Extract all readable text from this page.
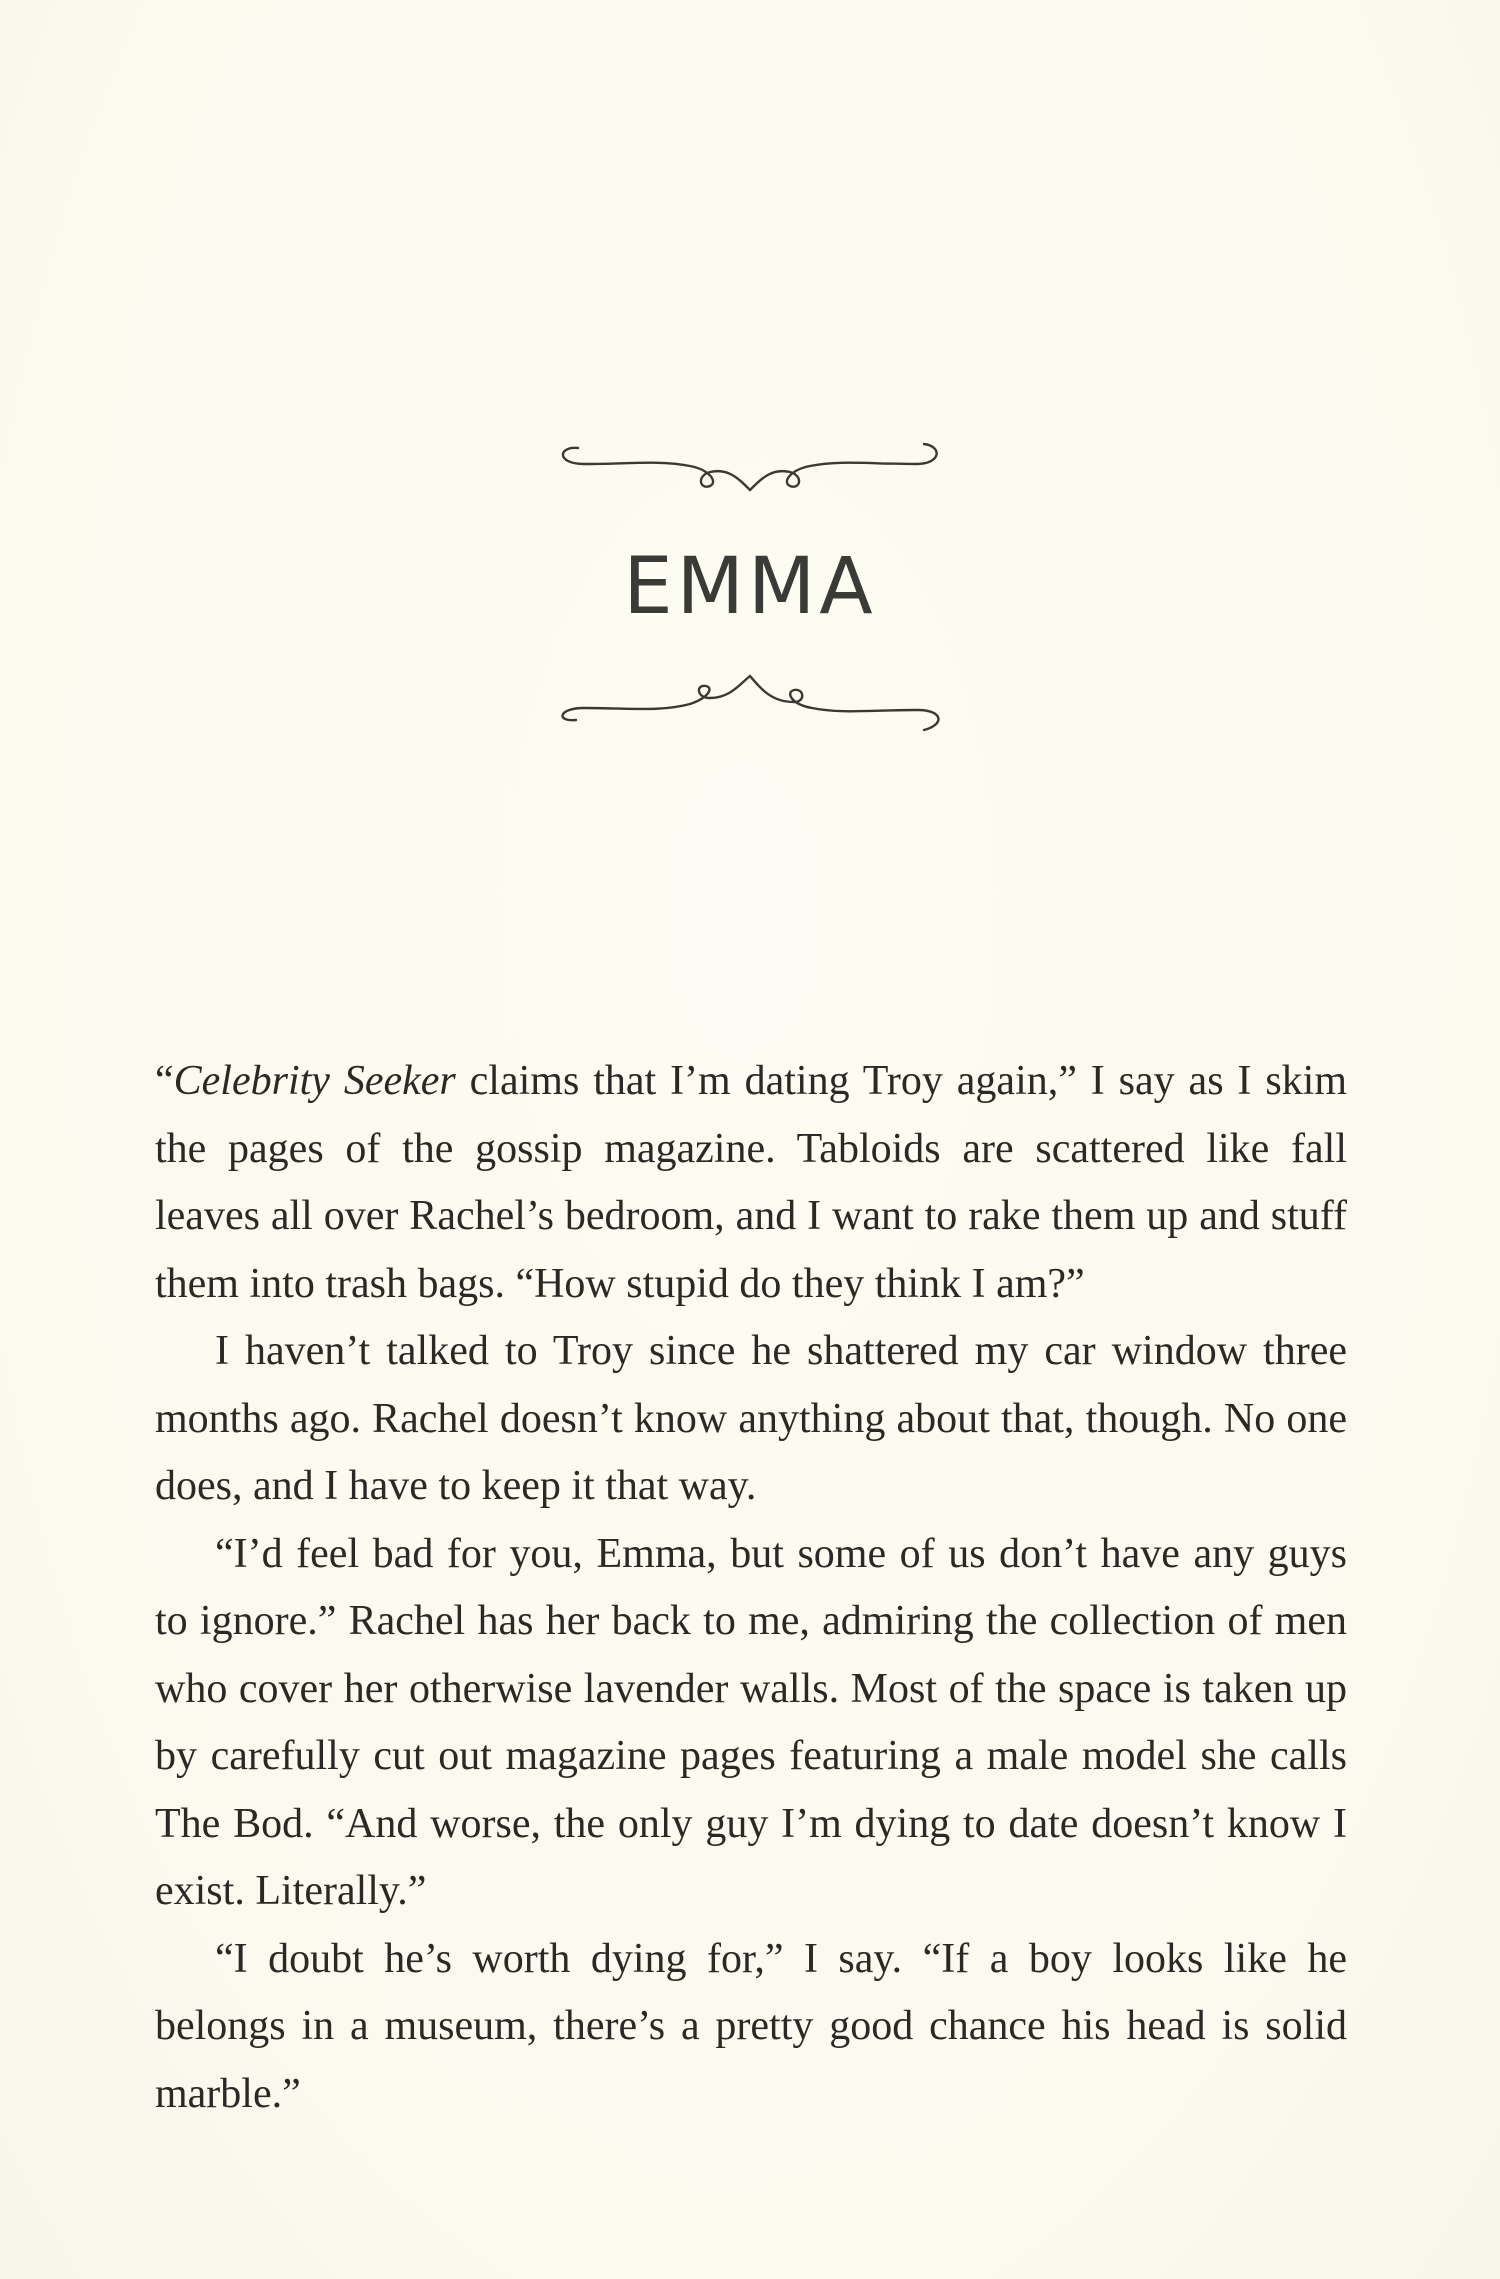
EMMA

“Celebrity Seeker claims that I’m dating Troy again,” I say as I skim the pages of the gossip magazine. Tabloids are scattered like fall leaves all over Rachel’s bedroom, and I want to rake them up and stuff them into trash bags. “How stupid do they think I am?”

I haven’t talked to Troy since he shattered my car window three months ago. Rachel doesn’t know anything about that, though. No one does, and I have to keep it that way.

“I’d feel bad for you, Emma, but some of us don’t have any guys to ignore.” Rachel has her back to me, admiring the collection of men who cover her otherwise lavender walls. Most of the space is taken up by carefully cut out magazine pages featuring a male model she calls The Bod. “And worse, the only guy I’m dying to date doesn’t know I exist. Literally.”

“I doubt he’s worth dying for,” I say. “If a boy looks like he belongs in a museum, there’s a pretty good chance his head is solid marble.”
